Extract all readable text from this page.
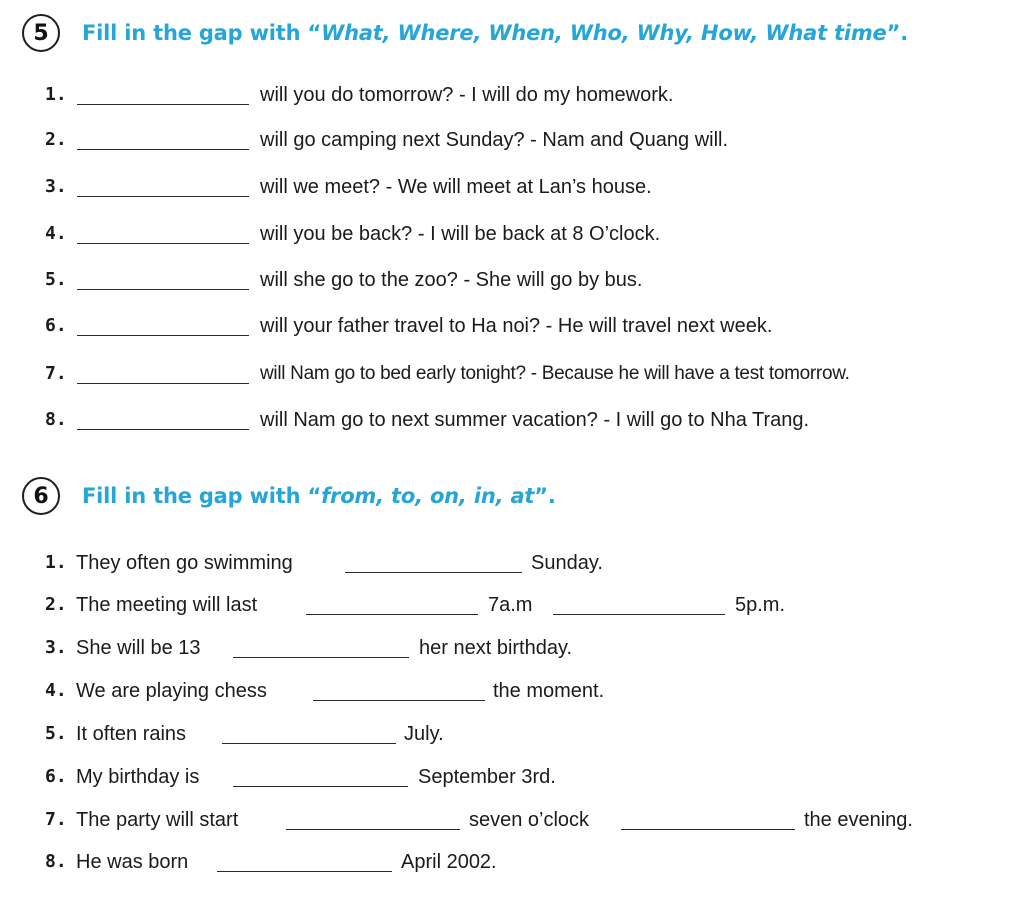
5	Fill in the gap with “What, Where, When, Who, Why, How, What time”.
1.	will you do tomorrow? - I will do my homework.
2.	will go camping next Sunday? - Nam and Quang will.
3.	will we meet? - We will meet at Lan’s house.
4.	will you be back? - I will be back at 8 O’clock.
5.	will she go to the zoo? - She will go by bus.
6.	will your father travel to Ha noi? - He will travel next week.
7.	will Nam go to bed early tonight? - Because he will have a test tomorrow.
8.	will Nam go to next summer vacation? - I will go to Nha Trang.
6	Fill in the gap with “from, to, on, in, at”.
1. They often go swimming	Sunday.
2. The meeting will last	7a.m	5p.m.
3. She will be 13	her next birthday.
4. We are playing chess	the moment.
5. It often rains	July.
6. My birthday is	September 3rd.
7. The party will start	seven o’clock	the evening.
8. He was born	April 2002.
